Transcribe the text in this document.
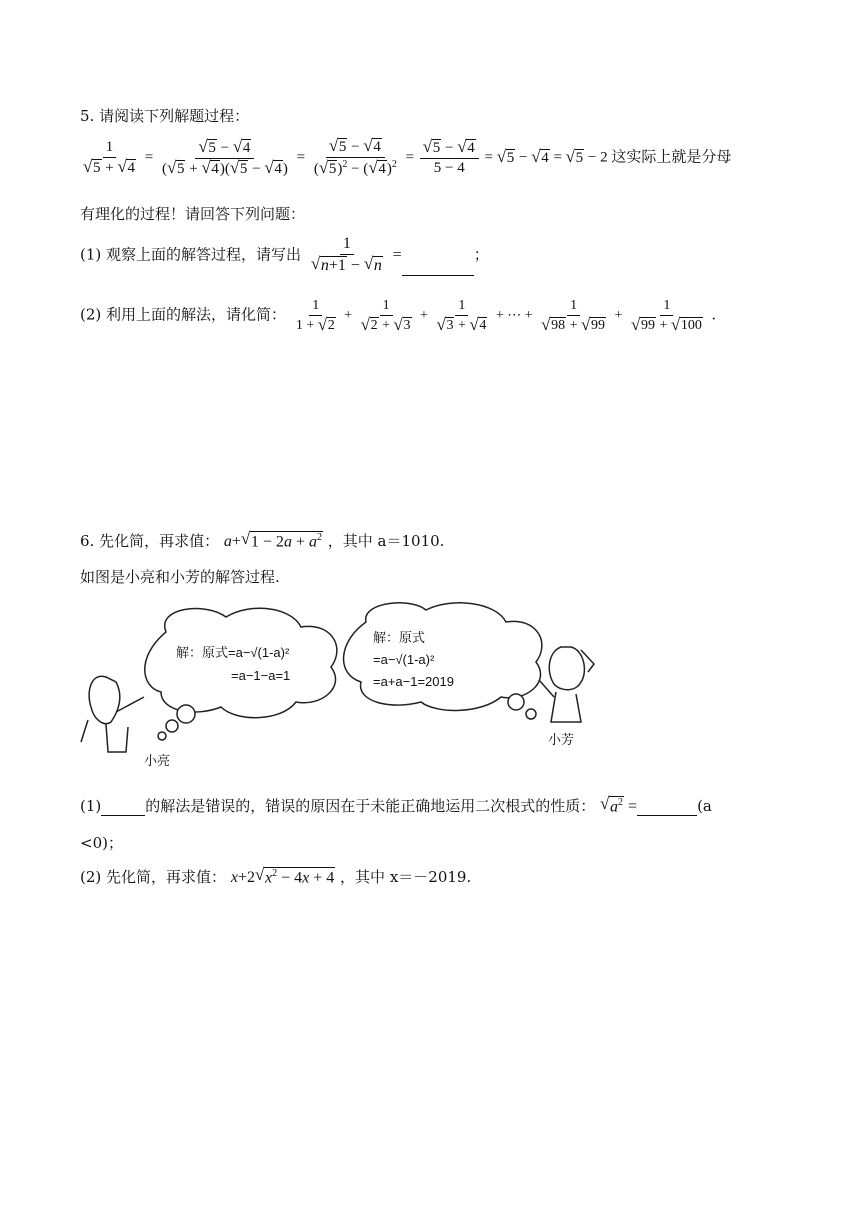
5. 请阅读下列解题过程：
1
√ 5 + √ 4 = √ $\frac{5 - √ 4}{( √ 5 + √ 4)( √ 5 - √ 4)}$ = √ $\frac{5 - √ 4}{( √ 5)^2 - ( √ 4)^2}$ = √ $\frac{5 - √ 4}{5 - 4}$ = √ 5 − √ 4 = √ 5 − 2 这实际上就是分母
有理化的过程！请回答下列问题：
(1) 观察上面的解答过程，请写出 1
√ n+1 − √ n =	；
(2) 利用上面的解法，请化简： $\frac{1}{1 + √ 2} + 1$
√ 2 + √ 3 + 1
√ 3 + √ 4 + ⋯ + 1
√ 98 + √ 99 + 1
√ 99 + √ 100 .
6. 先化简，再求值： a+ √ $1 - 2a + a^2$ ，其中 a＝1010.
如图是小亮和小芳的解答过程.
解：原式=a−√(1-a)²
=a−1−a=1
解：原式
=a−√(1-a)²
=a+a−1=2019
小亮
小芳
(1)	的解法是错误的，错误的原因在于未能正确地运用二次根式的性质： √ $a^2$ =	(a
<0)；
(2) 先化简，再求值： x+2 √ $x^2 - 4x + 4$ ，其中 x＝－2019.
